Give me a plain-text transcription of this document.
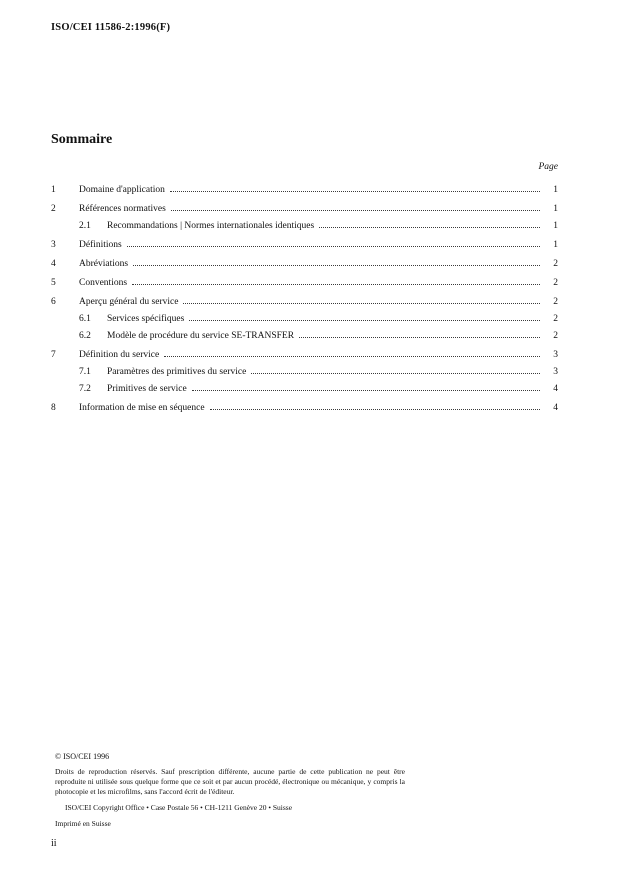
ISO/CEI 11586-2:1996(F)
Sommaire
Page
1	Domaine d'application	1
2	Références normatives	1
2.1	Recommandations | Normes internationales identiques	1
3	Définitions	1
4	Abréviations	2
5	Conventions	2
6	Aperçu général du service	2
6.1	Services spécifiques	2
6.2	Modèle de procédure du service SE-TRANSFER	2
7	Définition du service	3
7.1	Paramètres des primitives du service	3
7.2	Primitives de service	4
8	Information de mise en séquence	4
© ISO/CEI 1996
Droits de reproduction réservés. Sauf prescription différente, aucune partie de cette publication ne peut être reproduite ni utilisée sous quelque forme que ce soit et par aucun procédé, électronique ou mécanique, y compris la photocopie et les microfilms, sans l'accord écrit de l'éditeur.
ISO/CEI Copyright Office • Case Postale 56 • CH-1211 Genève 20 • Suisse
Imprimé en Suisse
ii
